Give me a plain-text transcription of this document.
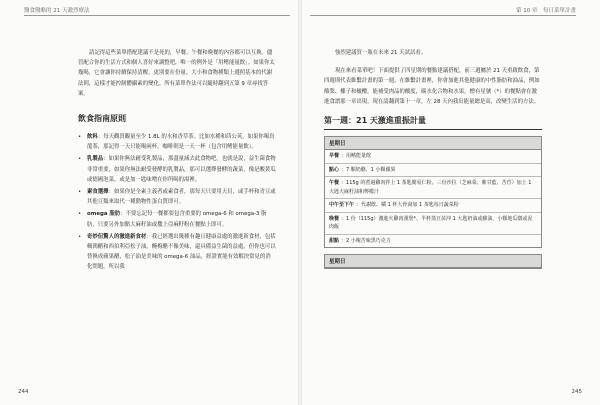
醫食醫酪的 21 天激烈療法

請記得這些菜單搭配建議不是死的，早餐、午餐和晚餐的內容都可以互換。儘管配合你的生活方式和個人喜好來調整吧，唯一的例外是「用鳍能量飲」。如果你太幾喝，它會讓你持續保持清醒，更別要在份量、大小和食物種類上遵照基本的代謝法則，這樣才能控制體攝素的變化。所有菜單作法可以隨時翻到五第 9 章尋找答案。

飲食指南原則
• 飲料：每天觀買觀量至少 1.8L 的水和香草茶。比如水種和茴公英，如果你喝鳥龍茶，那記得一天只能喝兩杯。咖啡則是一天一杯（包含用鳍能量飲）。
• 乳製品：如果你無法耐受乳製品，那盡量減去此食物吧。也就是說，益生菌食物非常重要，如果你無法耐受發酵的乳製品，那可以選擇發酵的蔬菜，像是酸黃瓜或德國泡菜，或是加一匙味噌在你所喝的湯裡。
• 素食選擇：如果你是全素主義者或素食者，那每天只要用天貝，或手杯和青豆或其他豆類來取代一種動物性蛋白質即可。
• omega 脂肪：不要忘記每一餐都要包含重要的 omega-6 和 omega-3 脂肪，只要另外加點大麻籽油或撒上亞麻籽粉在餐點上即可。
• 奇妙但驚人的激進新食材：我已經選出幾種有趣且健康益處的激進新食材，包括鵪鶉醋和西伯利亞松子油。醃梅醋不像美味，還具備益生菌的益處，但你也可以替換成蘋果醋，松子油是美味的 omega-6 油品，經證實能有效解決常見的消化問題，所以我
244
第 10 章　每日菜單計畫

強烈建議買一瓶在未來 21 天試試看。

現在來看菜單吧！下面提供了四星期的餐點建議搭配，前三週屬於 21 天重啟飲食，第四週則代表維繫計畫的第一週，在維繫計畫裡，你會加進其他健康的中性脂肪和油品，例如酪梨、椰子和橄欖。能補受肉品的酸度，碳水化合物和水果，標有星號（*）的餐點會在激進食譜那一章出現，現在請翻到第十一章，左 28 天內我出能量總是高，改變生活的方法。

第一週：21 天激進重振計量
星期日
早餐 ：用鳍能量飲
點心 ：7 顆奶酪、1 小顆蘋果
午餐 ：115g 的煮過雞肉拌上 1 茶匙簡易仁粉、三份沙拉（芝麻菜、紫甘藍、苦苣）加上 1 大匙大麻籽油和檸檬汁
中午至下午 ：代謝飲、橘 1 杯大骨湯加 1 茶匙每日蔬菜粉
晚餐 ：1 份（115g）激進火雞肉漢堡*、半杯蒸豆苗沖 1 大匙奶油或蘇油、小顆地瓜燉或泥肉飯
甜點 ：2 小塊苦味黑巧克力
星期日
245
